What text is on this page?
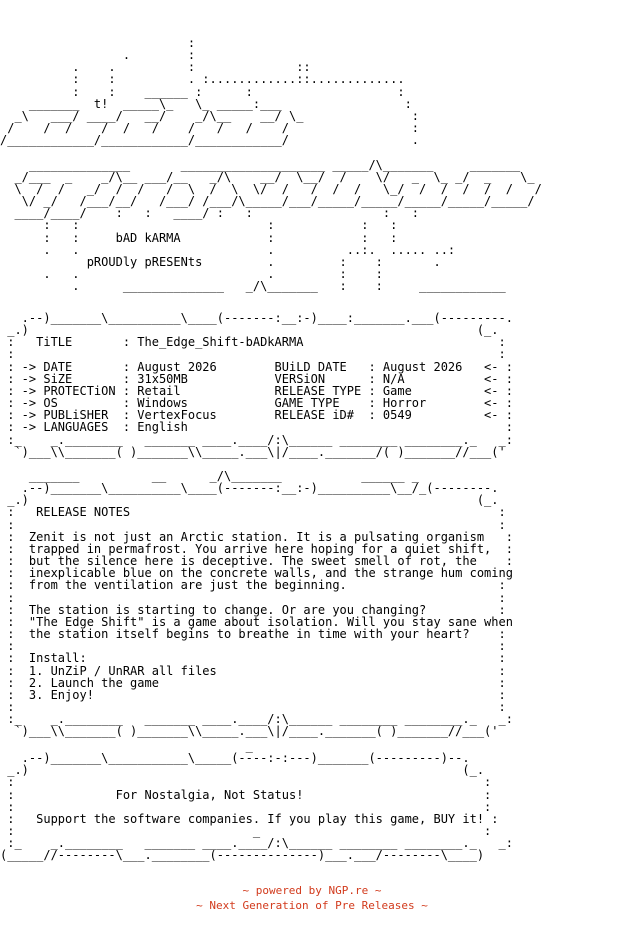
:
.        :
.    .          :              ::
:    :          . :............::.............
:    :    ______ :      :                    :
_______  t!  _____\_   \_ _____:___                 :
_\   ___/ ____/   __/    _/\__    __/ \_               :
/    /  /    /  /   /    /   /   /    /                 :
/____________/____________/____________/                 .

______________       ____________________ _____/\_______     _______
_/___  _    _/\__ ___/__   _/\    __/  \__/  /    \/   _  \_ _/  _    \_
\  /  /   _/  /  /   /  \  /  \  \/  /   /  /  /   \_/  /  /  /  /  /   /
\/ _/   /___/__/   /___/ /___/\_____/___/_____/_____/_____/_____/_____/
____/____/    :   :   ____/ :   :                  :   :
:   :                          :            :   :
:   :     bAD kARMA            :            :   :
.   .                          .          ..:.  ..... ..:
pROUDly pRESENts         .         :    :       .
.   .                          .         :    :
.      ______________   _/\_______   :    :     ____________
.--)_______\__________\____(-------:__:-)____:_______.___(---------.
_.)                                                              (_.
:   TiTLE       : The_Edge_Shift-bADkARMA                           :
:                                                                   :
: -> DATE       : August 2026        BUiLD DATE   : August 2026   <- :
: -> SiZE       : 31x50MB            VERSiON      : N/A           <- :
: -> PROTECTiON : Retail             RELEASE TYPE : Game          <- :
: -> OS         : Windows            GAME TYPE    : Horror        <- :
: -> PUBLiSHER  : VertexFocus        RELEASE iD#  : 0549          <- :
: -> LANGUAGES  : English                                            :
:_    _.________   _______ ____.____/:\______ ________ ________._   _:
`)___\\_______( )_______\\_____.___\|/____._______/( )_______//___('
_______          __      _/\_______           ______ _
.--)_______\__________\____(-------:__:-)__________\__/_(--------.
_.)                                                              (_.
:   RELEASE NOTES                                                   :
:                                                                   :
:  Zenit is not just an Arctic station. It is a pulsating organism   :
:  trapped in permafrost. You arrive here hoping for a quiet shift,  :
:  but the silence here is deceptive. The sweet smell of rot, the    :
:  inexplicable blue on the concrete walls, and the strange hum coming
:  from the ventilation are just the beginning.                     :
:                                                                   :
:  The station is starting to change. Or are you changing?          :
:  "The Edge Shift" is a game about isolation. Will you stay sane when
:  the station itself begins to breathe in time with your heart?    :
:                                                                   :
:  Install:                                                         :
:  1. UnZiP / UnRAR all files                                       :
:  2. Launch the game                                               :
:  3. Enjoy!                                                        :
:                                                                   :
:_    _.________   _______ ____.____/:\______ ________ ________._   _:
`)___\\_______( )_______\\_____.___\|/____._______( )_______//___('
_
.--)_______\___________\_____(----:-:---)_______(---------)--.
_.)                                                            (_.
:                                                                 :
:              For Nostalgia, Not Status!                         :
:                                                                 :
:   Support the software companies. If you play this game, BUY it! :
:                                 _                               :
:_    _.________   _______ ____.____/:\______ ________ ________._   _:
(_____//--------\___.________(--------------)___.___/--------\____)
~ powered by NGP.re ~
~ Next Generation of Pre Releases ~
